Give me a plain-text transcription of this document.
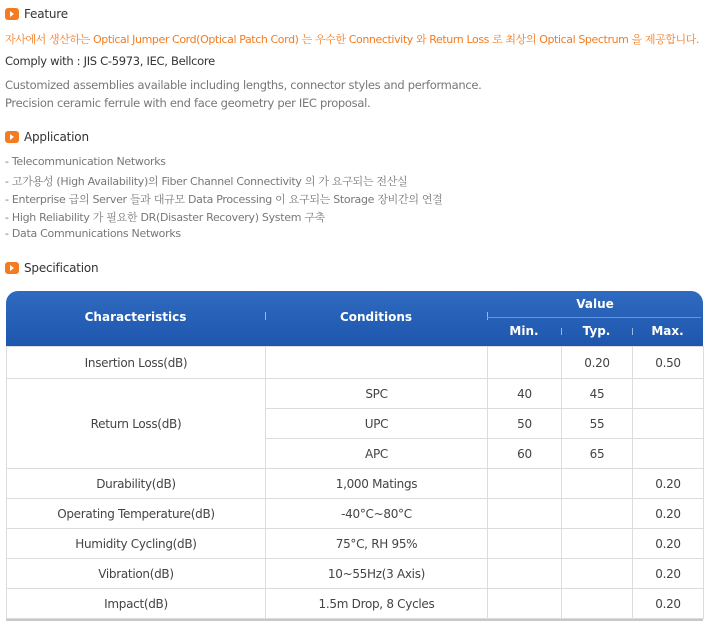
Feature
자사에서 생산하는 Optical Jumper Cord(Optical Patch Cord) 는 우수한 Connectivity 와 Return Loss 로 최상의 Optical Spectrum 을 제공합니다.
Comply with : JIS C-5973, IEC, Bellcore
Customized assemblies available including lengths, connector styles and performance.
Precision ceramic ferrule with end face geometry per IEC proposal.
Application
- Telecommunication Networks
- 고가용성 (High Availability)의 Fiber Channel Connectivity 의 가 요구되는 전산실
- Enterprise 급의 Server 들과 대규모 Data Processing 이 요구되는 Storage 장비간의 연결
- High Reliability 가 필요한 DR(Disaster Recovery) System 구축
- Data Communications Networks
Specification
Characteristics	Conditions
Value
Min.	Typ.	Max.
Insertion Loss(dB)			0.20	0.50
Return Loss(dB)	SPC	40	45	
	UPC	50	55	
	APC	60	65	
Durability(dB)	1,000 Matings			0.20
Operating Temperature(dB)	-40°C~80°C			0.20
Humidity Cycling(dB)	75°C, RH 95%			0.20
Vibration(dB)	10~55Hz(3 Axis)			0.20
Impact(dB)	1.5m Drop, 8 Cycles			0.20
